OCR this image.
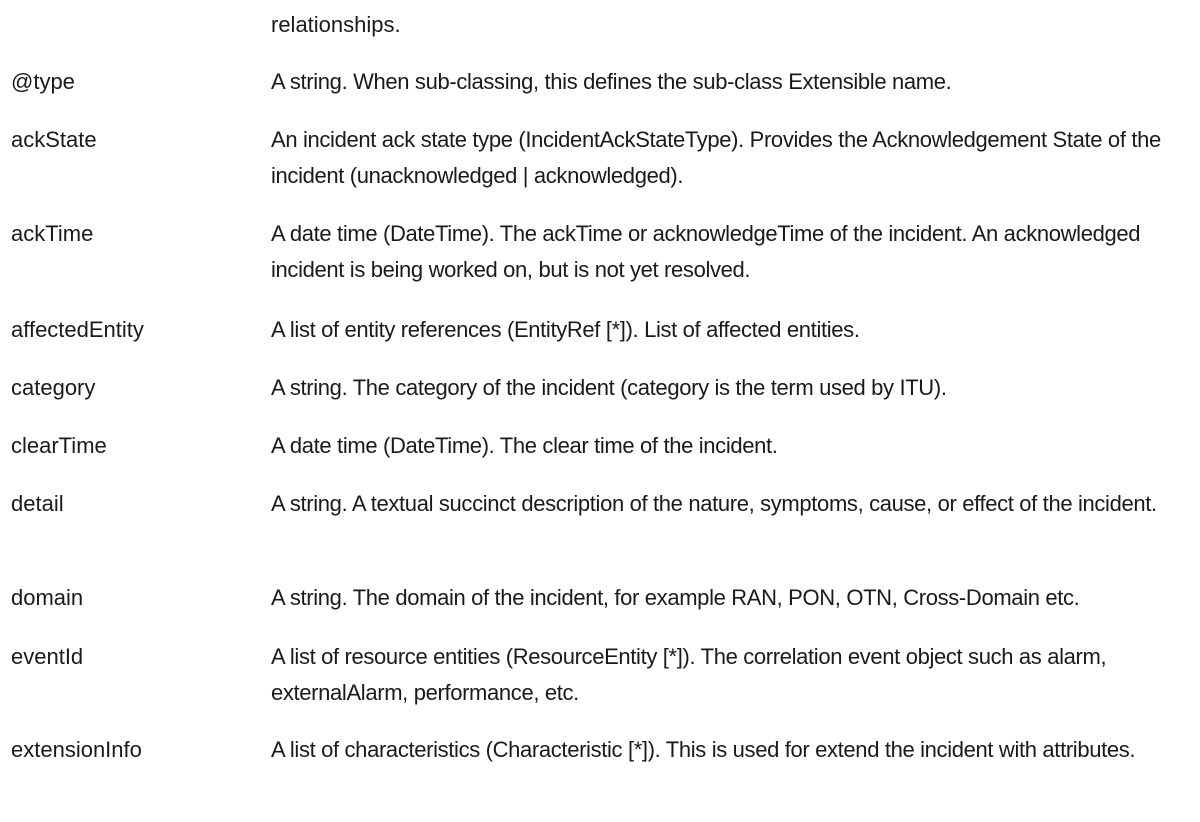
relationships.
@type	A string. When sub-classing, this defines the sub-class Extensible name.
ackState	An incident ack state type (IncidentAckStateType). Provides the Acknowledgement State of the incident (unacknowledged | acknowledged).
ackTime	A date time (DateTime). The ackTime or acknowledgeTime of the incident. An acknowledged incident is being worked on, but is not yet resolved.
affectedEntity	A list of entity references (EntityRef [*]). List of affected entities.
category	A string. The category of the incident (category is the term used by ITU).
clearTime	A date time (DateTime). The clear time of the incident.
detail	A string. A textual succinct description of the nature, symptoms, cause, or effect of the incident.
domain	A string. The domain of the incident, for example RAN, PON, OTN, Cross-Domain etc.
eventId	A list of resource entities (ResourceEntity [*]). The correlation event object such as alarm, externalAlarm, performance, etc.
extensionInfo	A list of characteristics (Characteristic [*]). This is used for extend the incident with attributes.
